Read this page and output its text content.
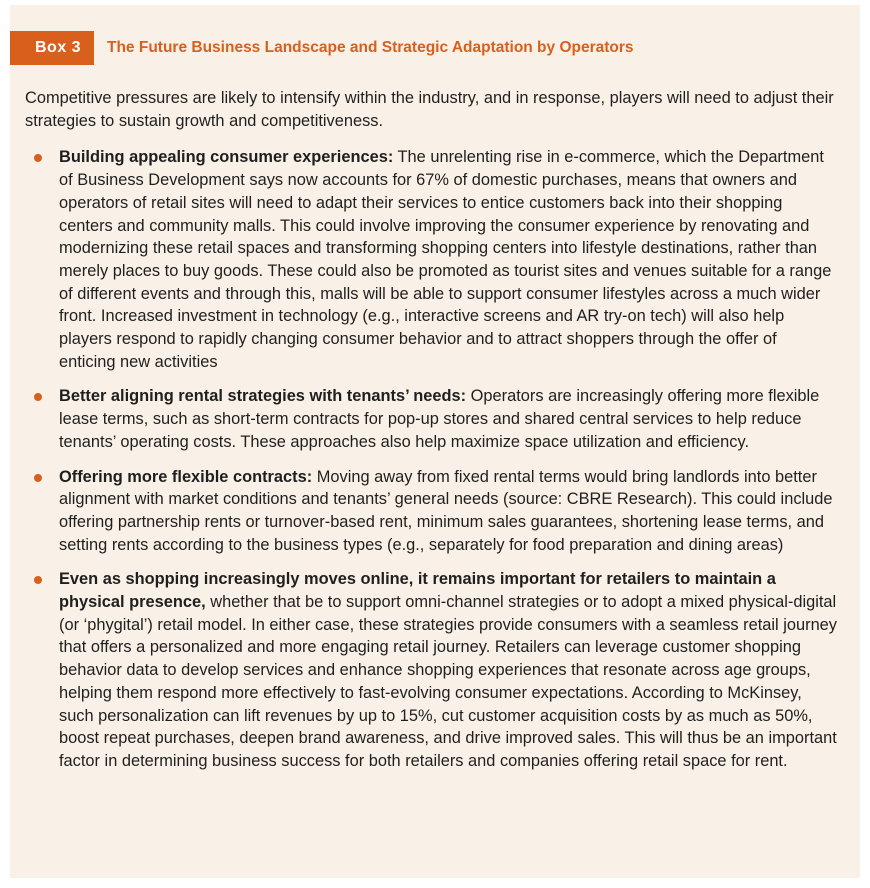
Box 3	The Future Business Landscape and Strategic Adaptation by Operators

Competitive pressures are likely to intensify within the industry, and in response, players will need to adjust their strategies to sustain growth and competitiveness.

Building appealing consumer experiences: The unrelenting rise in e-commerce, which the Department of Business Development says now accounts for 67% of domestic purchases, means that owners and operators of retail sites will need to adapt their services to entice customers back into their shopping centers and community malls. This could involve improving the consumer experience by renovating and modernizing these retail spaces and transforming shopping centers into lifestyle destinations, rather than merely places to buy goods. These could also be promoted as tourist sites and venues suitable for a range of different events and through this, malls will be able to support consumer lifestyles across a much wider front. Increased investment in technology (e.g., interactive screens and AR try-on tech) will also help players respond to rapidly changing consumer behavior and to attract shoppers through the offer of enticing new activities
Better aligning rental strategies with tenants’ needs: Operators are increasingly offering more flexible lease terms, such as short-term contracts for pop-up stores and shared central services to help reduce tenants’ operating costs. These approaches also help maximize space utilization and efficiency.
Offering more flexible contracts: Moving away from fixed rental terms would bring landlords into better alignment with market conditions and tenants’ general needs (source: CBRE Research). This could include offering partnership rents or turnover-based rent, minimum sales guarantees, shortening lease terms, and setting rents according to the business types (e.g., separately for food preparation and dining areas)
Even as shopping increasingly moves online, it remains important for retailers to maintain a physical presence, whether that be to support omni-channel strategies or to adopt a mixed physical-digital (or ‘phygital’) retail model. In either case, these strategies provide consumers with a seamless retail journey that offers a personalized and more engaging retail journey. Retailers can leverage customer shopping behavior data to develop services and enhance shopping experiences that resonate across age groups, helping them respond more effectively to fast-evolving consumer expectations. According to McKinsey, such personalization can lift revenues by up to 15%, cut customer acquisition costs by as much as 50%, boost repeat purchases, deepen brand awareness, and drive improved sales. This will thus be an important factor in determining business success for both retailers and companies offering retail space for rent.
